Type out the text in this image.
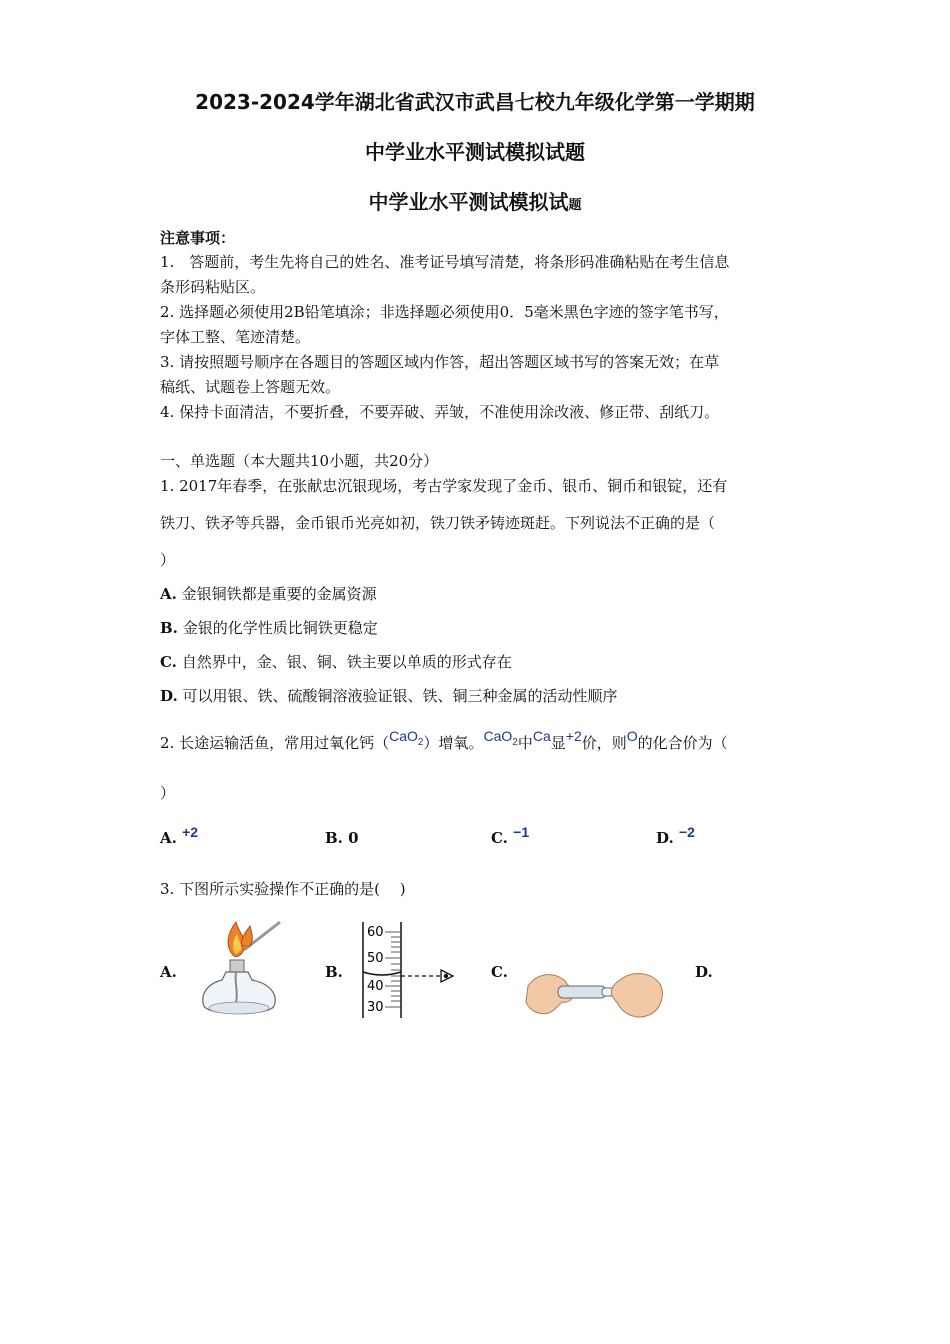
2023-2024学年湖北省武汉市武昌七校九年级化学第一学期期
中学业水平测试模拟试题
中学业水平测试模拟试题
注意事项：
1.　答题前，考生先将自己的姓名、准考证号填写清楚，将条形码准确粘贴在考生信息
条形码粘贴区。
2. 选择题必须使用2B铅笔填涂；非选择题必须使用0．5毫米黑色字迹的签字笔书写，
字体工整、笔迹清楚。
3. 请按照题号顺序在各题目的答题区域内作答，超出答题区域书写的答案无效；在草
稿纸、试题卷上答题无效。
4. 保持卡面清洁，不要折叠，不要弄破、弄皱，不准使用涂改液、修正带、刮纸刀。
一、单选题（本大题共10小题，共20分）
1. 2017年春季，在张献忠沉银现场，考古学家发现了金币、银币、铜币和银锭，还有
铁刀、铁矛等兵器，金币银币光亮如初，铁刀铁矛铸迹斑赶。下列说法不正确的是（
）
A. 金银铜铁都是重要的金属资源
B. 金银的化学性质比铜铁更稳定
C. 自然界中，金、银、铜、铁主要以单质的形式存在
D. 可以用银、铁、硫酸铜溶液验证银、铁、铜三种金属的活动性顺序
2. 长途运输活鱼，常用过氧化钙（CaO$_2$）增氧。CaO$_2$中Ca显+2价，则O的化合价为（
）
A. +2	B. 0	C. −1	D. −2
3. 下图所示实验操作不正确的是(　 )
A.	B.	C.	D.
60
50
40
30
